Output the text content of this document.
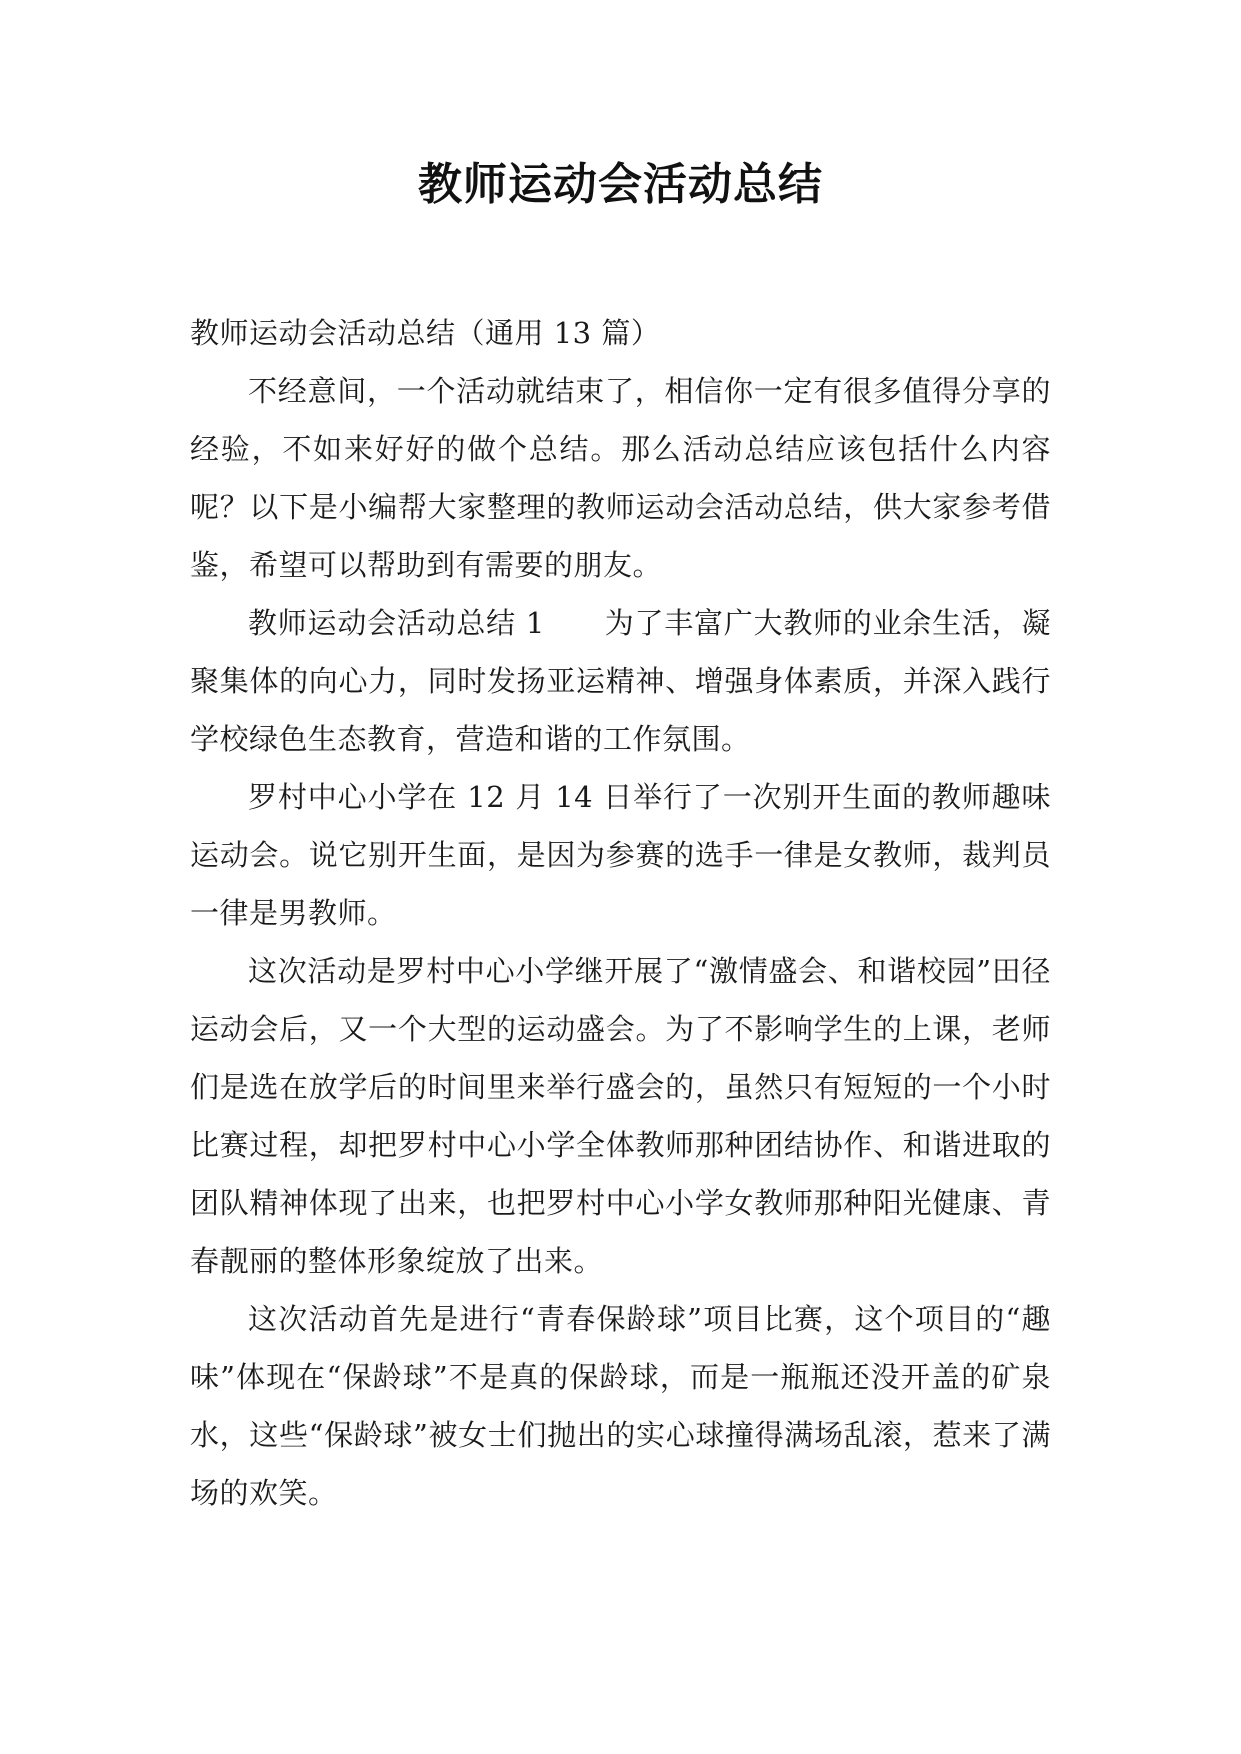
教师运动会活动总结

教师运动会活动总结（通用 13 篇）

不经意间，一个活动就结束了，相信你一定有很多值得分享的经验，不如来好好的做个总结。那么活动总结应该包括什么内容呢？以下是小编帮大家整理的教师运动会活动总结，供大家参考借鉴，希望可以帮助到有需要的朋友。

教师运动会活动总结 1　　为了丰富广大教师的业余生活，凝聚集体的向心力，同时发扬亚运精神、增强身体素质，并深入践行学校绿色生态教育，营造和谐的工作氛围。

罗村中心小学在 12 月 14 日举行了一次别开生面的教师趣味运动会。说它别开生面，是因为参赛的选手一律是女教师，裁判员一律是男教师。

这次活动是罗村中心小学继开展了“激情盛会、和谐校园”田径运动会后，又一个大型的运动盛会。为了不影响学生的上课，老师们是选在放学后的时间里来举行盛会的，虽然只有短短的一个小时比赛过程，却把罗村中心小学全体教师那种团结协作、和谐进取的团队精神体现了出来，也把罗村中心小学女教师那种阳光健康、青春靓丽的整体形象绽放了出来。

这次活动首先是进行“青春保龄球”项目比赛，这个项目的“趣味”体现在“保龄球”不是真的保龄球，而是一瓶瓶还没开盖的矿泉水，这些“保龄球”被女士们抛出的实心球撞得满场乱滚，惹来了满场的欢笑。
